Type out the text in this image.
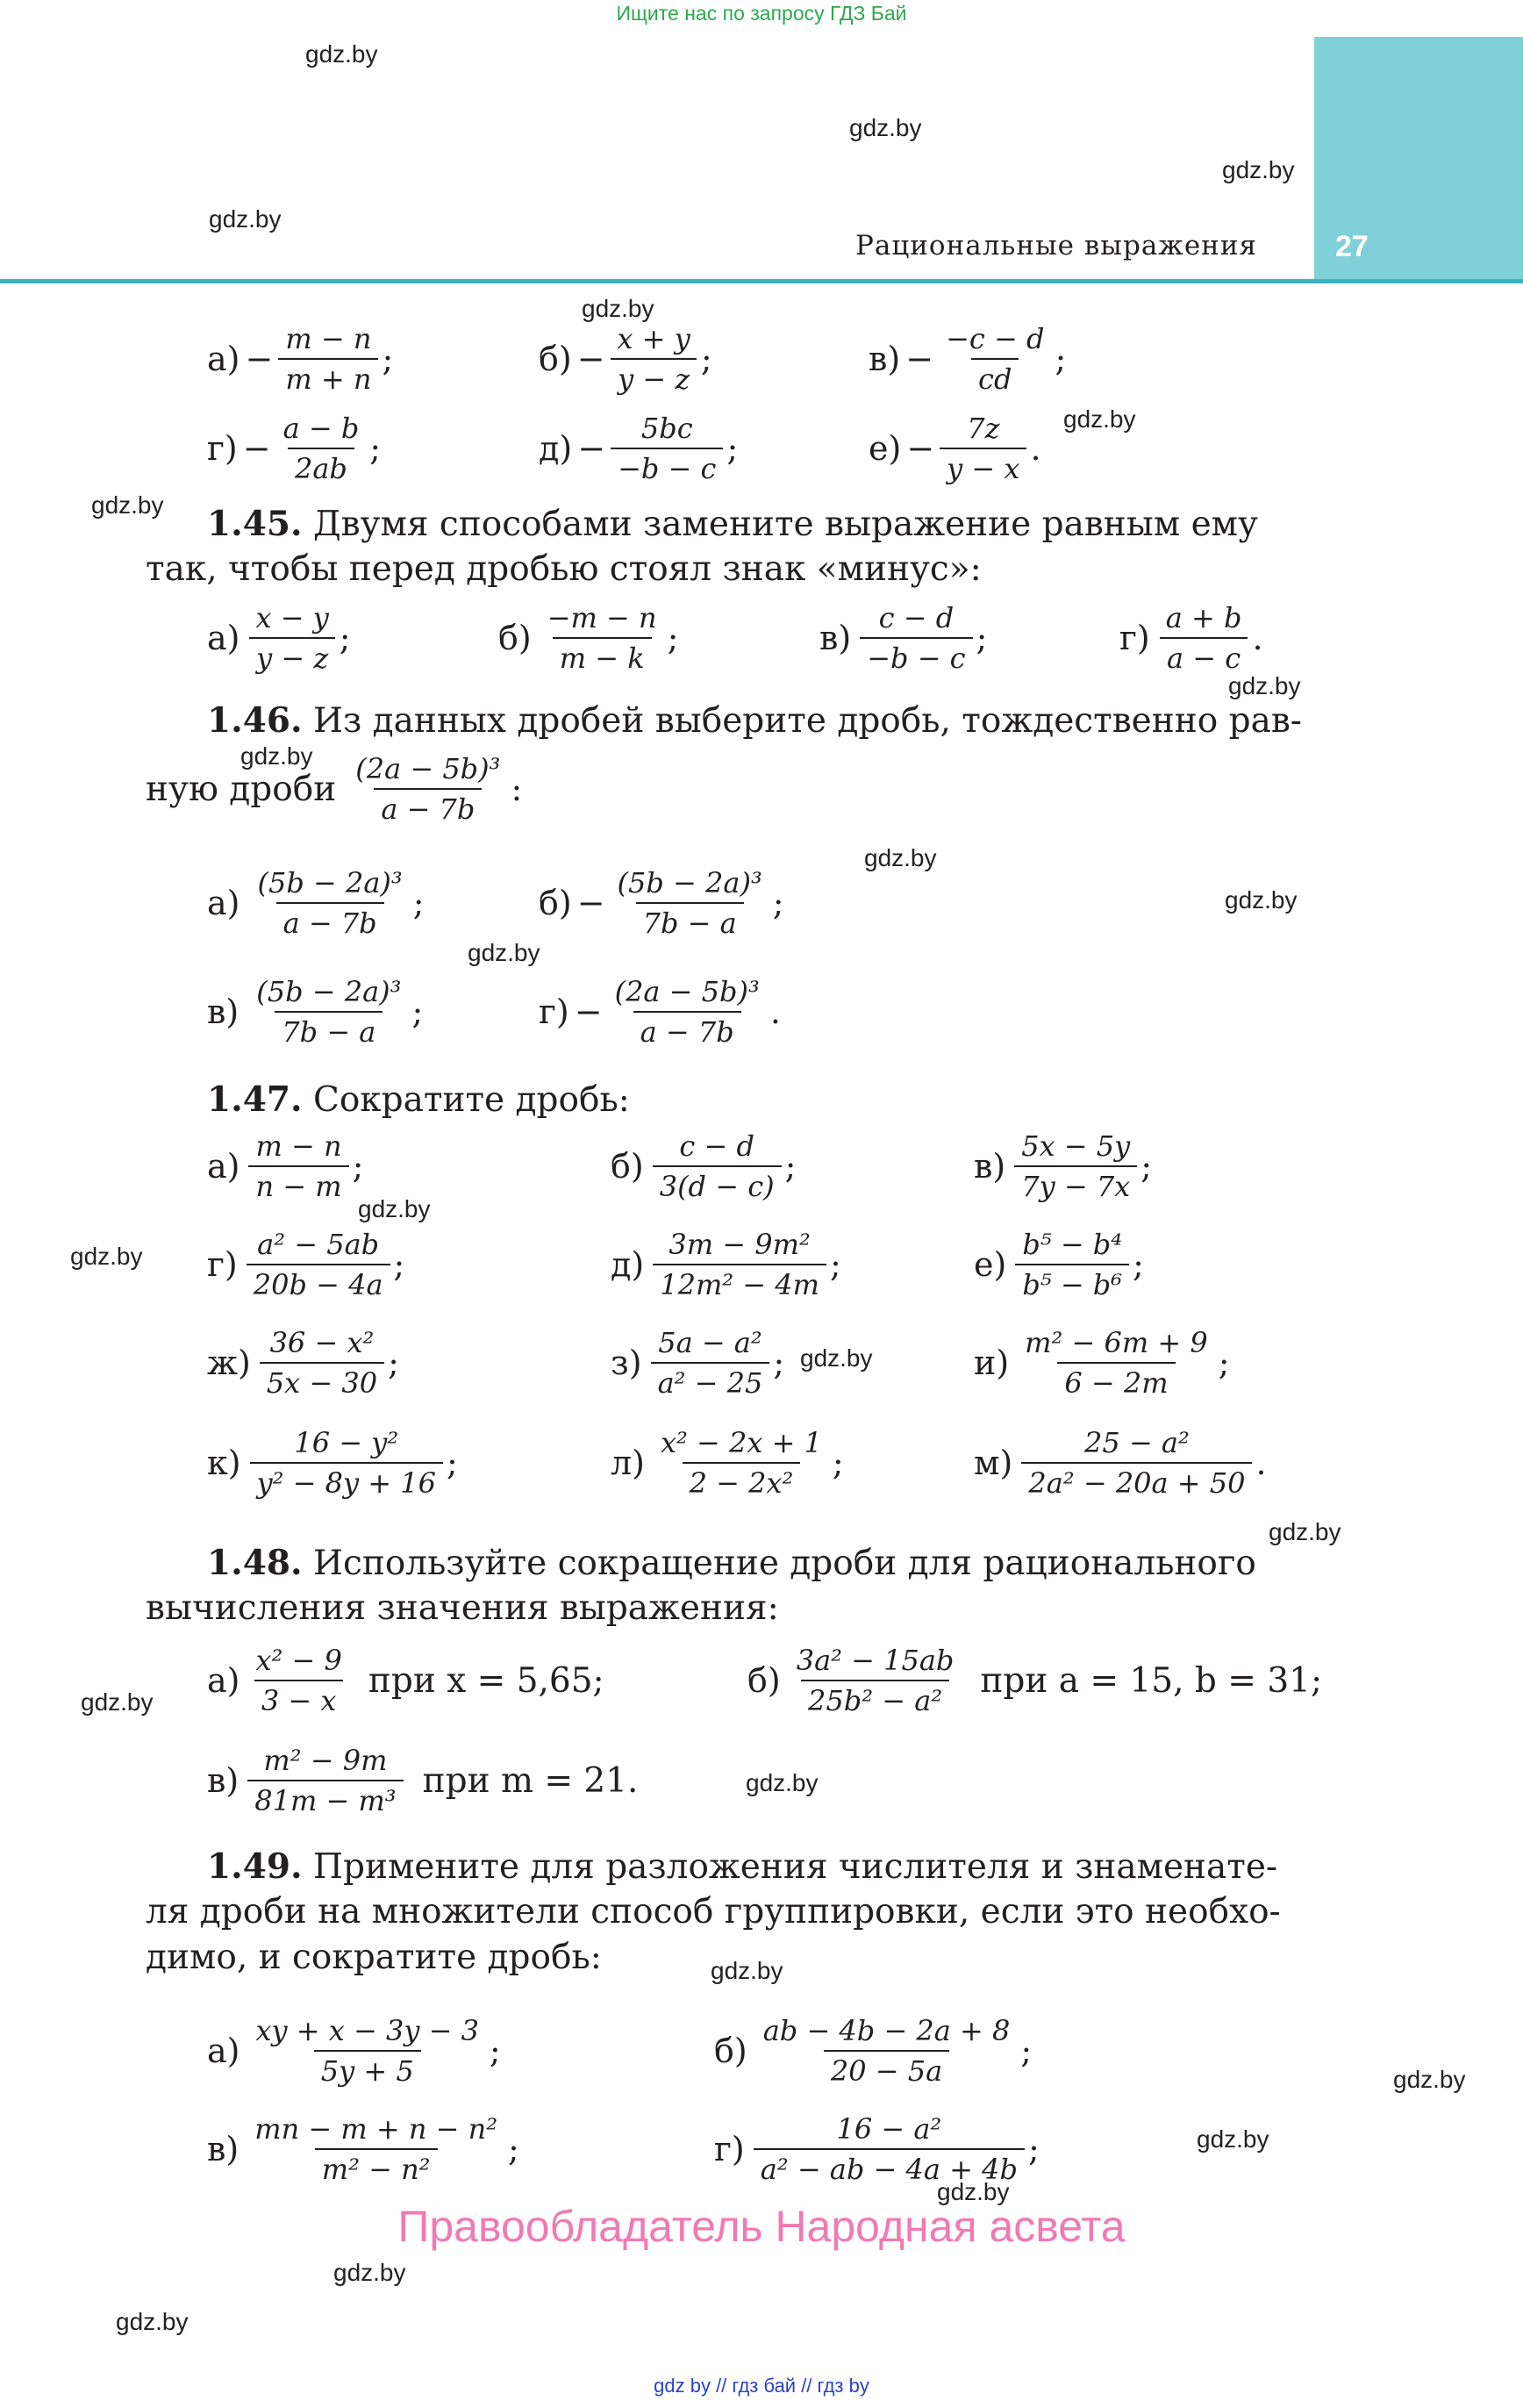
Ищите нас по запросу ГДЗ Бай
27
Рациональные выражения
gdz.by
gdz.by
gdz.by
gdz.by
gdz.by
gdz.by
gdz.by
gdz.by
gdz.by
gdz.by
gdz.by
gdz.by
gdz.by
gdz.by
gdz.by
gdz.by
gdz.by
gdz.by
gdz.by
gdz.by
gdz.by
gdz.by
gdz.by
gdz.by
$а) - \frac{m - n}{m + n}$ ;	$б) - \frac{x + y}{y - z}$ ;	$в) - \frac{-c - d}{cd}$ ;
$г) - \frac{a - b}{2ab}$ ;	$д) - \frac{5bc}{-b - c}$ ;	$е) - \frac{7z}{y - x}$ .
1.45. Двумя способами замените выражение равным ему
так, чтобы перед дробью стоял знак «минус»:
$а) \frac{x - y}{y - z}$ ;	$б) \frac{-m - n}{m - k}$ ;	$в) \frac{c - d}{-b - c}$ ;	$г) \frac{a + b}{a - c}$ .
1.46. Из данных дробей выберите дробь, тождественно рав-
ную дроби $\frac{\text{(2a − 5b)³}}{a - 7b}$ :
$а) \frac{\text{(5b − 2a)³}}{a - 7b}$ ;	$б) - \frac{\text{(5b − 2a)³}}{7b - a}$ ;
$в) \frac{\text{(5b − 2a)³}}{7b - a}$ ;	$г) - \frac{\text{(2a − 5b)³}}{a - 7b}$ .
1.47. Сократите дробь:
$а) \frac{m - n}{n - m}$ ;	$б) \frac{c - d}{3(d - c)}$ ;	$в) \frac{5x - 5y}{7y - 7x}$ ;
$г) \frac{\text{a² − 5ab}}{20b - 4a}$ ;	$д) \frac{\text{3m − 9m²}}{\text{12m² − 4m}}$ ;	$е) \frac{\text{b⁵ − b⁴}}{\text{b⁵ − b⁶}}$ ;
$ж) \frac{\text{36 − x²}}{5x - 30}$ ;	$з) \frac{\text{5a − a²}}{\text{a² − 25}}$ ;	$и) \frac{\text{m² − 6m + 9}}{6 - 2m}$ ;
$к) \frac{\text{16 − y²}}{\text{y² − 8y + 16}}$ ;	$л) \frac{\text{x² − 2x + 1}}{\text{2 − 2x²}}$ ;	$м) \frac{\text{25 − a²}}{\text{2a² − 20a + 50}}$ .
1.48. Используйте сокращение дроби для рационального
вычисления значения выражения:
$а) \frac{\text{x² − 9}}{3 - x}$ при x = 5,65;	$б) \frac{\text{3a² − 15ab}}{\text{25b² − a²}}$ при a = 15, b = 31;
$в) \frac{\text{m² − 9m}}{\text{81m − m³}}$ при m = 21.
1.49. Примените для разложения числителя и знаменате-
ля дроби на множители способ группировки, если это необхо-
димо, и сократите дробь:
$а) \frac{xy + x - 3y - 3}{5y + 5}$ ;	$б) \frac{ab - 4b - 2a + 8}{20 - 5a}$ ;
$в) \frac{\text{mn − m + n − n²}}{\text{m² − n²}}$ ;	$г) \frac{\text{16 − a²}}{\text{a² − ab − 4a + 4b}}$ ;
Правообладатель Народная асвета
gdz by // гдз бай // гдз by
